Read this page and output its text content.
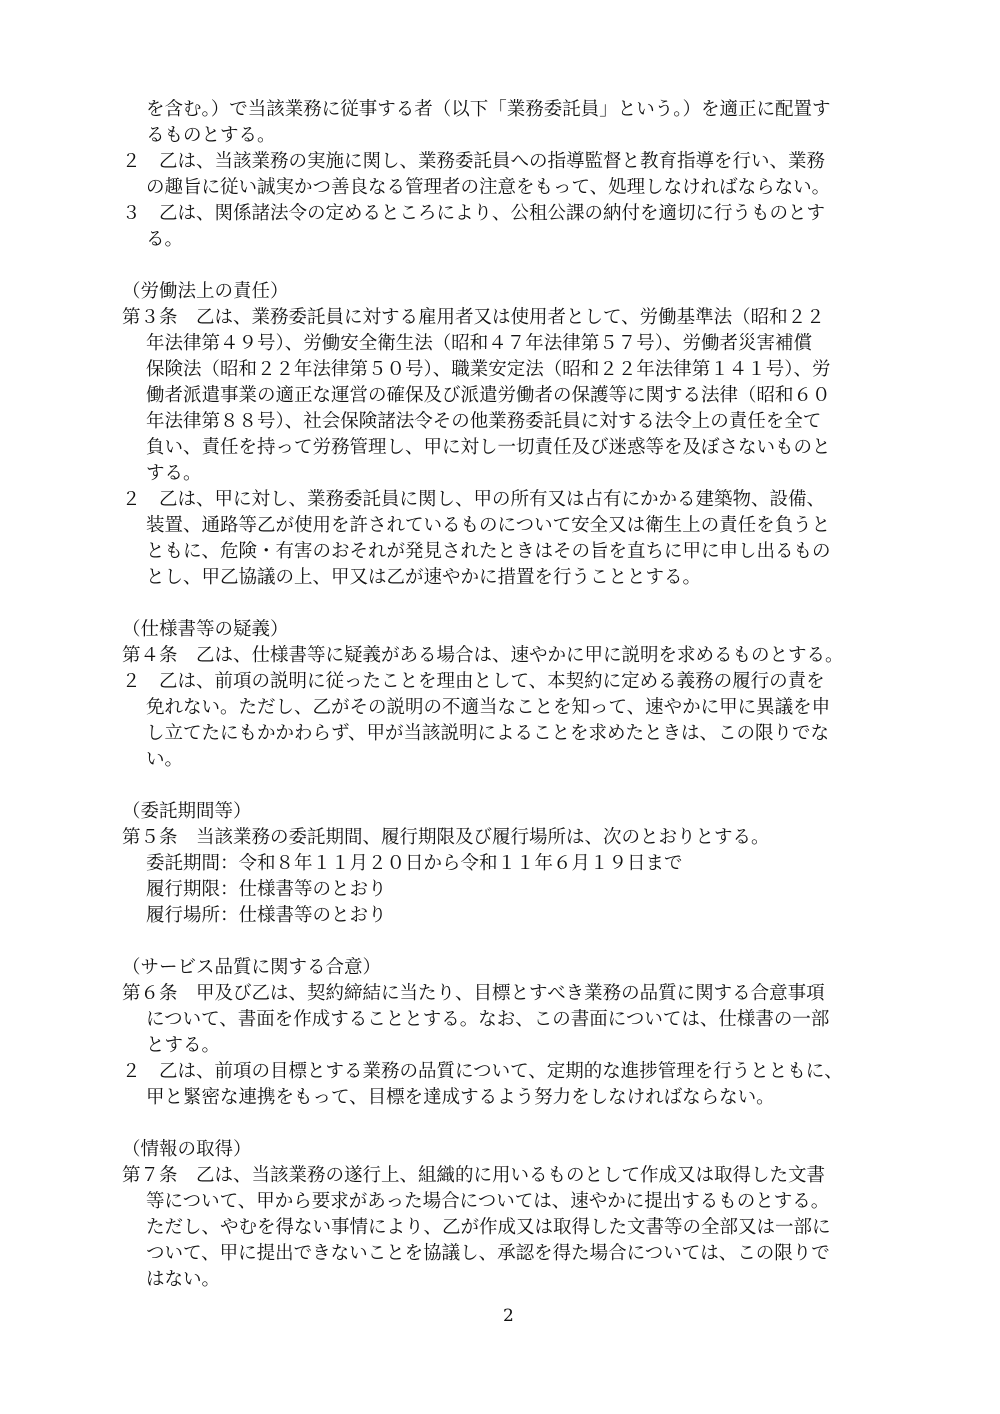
を含む。）で当該業務に従事する者（以下「業務委託員」という。）を適正に配置す
るものとする。
２　乙は、当該業務の実施に関し、業務委託員への指導監督と教育指導を行い、業務
の趣旨に従い誠実かつ善良なる管理者の注意をもって、処理しなければならない。
３　乙は、関係諸法令の定めるところにより、公租公課の納付を適切に行うものとす
る。
（労働法上の責任）
第３条　乙は、業務委託員に対する雇用者又は使用者として、労働基準法（昭和２２
年法律第４９号）、労働安全衛生法（昭和４７年法律第５７号）、労働者災害補償
保険法（昭和２２年法律第５０号）、職業安定法（昭和２２年法律第１４１号）、労
働者派遣事業の適正な運営の確保及び派遣労働者の保護等に関する法律（昭和６０
年法律第８８号）、社会保険諸法令その他業務委託員に対する法令上の責任を全て
負い、責任を持って労務管理し、甲に対し一切責任及び迷惑等を及ぼさないものと
する。
２　乙は、甲に対し、業務委託員に関し、甲の所有又は占有にかかる建築物、設備、
装置、通路等乙が使用を許されているものについて安全又は衛生上の責任を負うと
ともに、危険・有害のおそれが発見されたときはその旨を直ちに甲に申し出るもの
とし、甲乙協議の上、甲又は乙が速やかに措置を行うこととする。
（仕様書等の疑義）
第４条　乙は、仕様書等に疑義がある場合は、速やかに甲に説明を求めるものとする。
２　乙は、前項の説明に従ったことを理由として、本契約に定める義務の履行の責を
免れない。ただし、乙がその説明の不適当なことを知って、速やかに甲に異議を申
し立てたにもかかわらず、甲が当該説明によることを求めたときは、この限りでな
い。
（委託期間等）
第５条　当該業務の委託期間、履行期限及び履行場所は、次のとおりとする。
委託期間：令和８年１１月２０日から令和１１年６月１９日まで
履行期限：仕様書等のとおり
履行場所：仕様書等のとおり
（サービス品質に関する合意）
第６条　甲及び乙は、契約締結に当たり、目標とすべき業務の品質に関する合意事項
について、書面を作成することとする。なお、この書面については、仕様書の一部
とする。
２　乙は、前項の目標とする業務の品質について、定期的な進捗管理を行うとともに、
甲と緊密な連携をもって、目標を達成するよう努力をしなければならない。
（情報の取得）
第７条　乙は、当該業務の遂行上、組織的に用いるものとして作成又は取得した文書
等について、甲から要求があった場合については、速やかに提出するものとする。
ただし、やむを得ない事情により、乙が作成又は取得した文書等の全部又は一部に
ついて、甲に提出できないことを協議し、承認を得た場合については、この限りで
はない。
2
